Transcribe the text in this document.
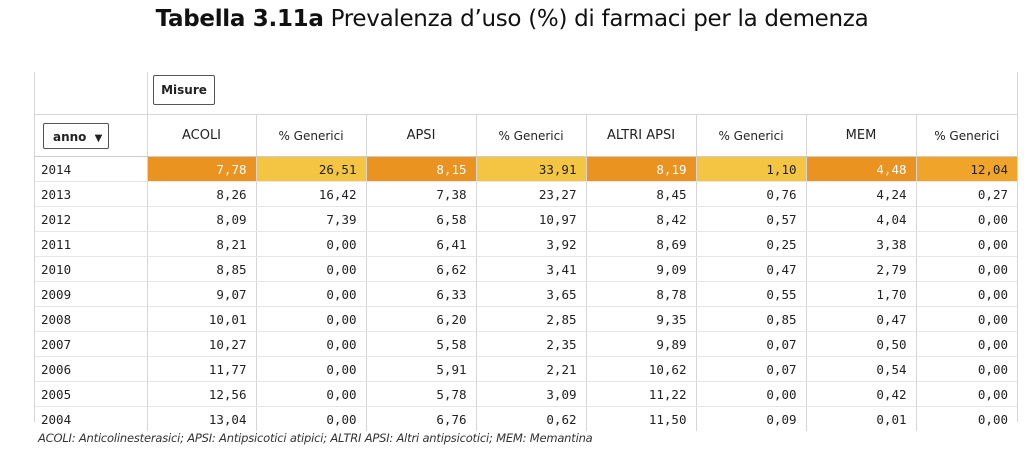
Tabella 3.11a Prevalenza d’uso (%) di farmaci per la demenza
Misure
anno ▼	ACOLI	% Generici	APSI	% Generici	ALTRI APSI	% Generici	MEM	% Generici
2014	7,78	26,51	8,15	33,91	8,19	1,10	4,48	12,04
2013	8,26	16,42	7,38	23,27	8,45	0,76	4,24	0,27
2012	8,09	7,39	6,58	10,97	8,42	0,57	4,04	0,00
2011	8,21	0,00	6,41	3,92	8,69	0,25	3,38	0,00
2010	8,85	0,00	6,62	3,41	9,09	0,47	2,79	0,00
2009	9,07	0,00	6,33	3,65	8,78	0,55	1,70	0,00
2008	10,01	0,00	6,20	2,85	9,35	0,85	0,47	0,00
2007	10,27	0,00	5,58	2,35	9,89	0,07	0,50	0,00
2006	11,77	0,00	5,91	2,21	10,62	0,07	0,54	0,00
2005	12,56	0,00	5,78	3,09	11,22	0,00	0,42	0,00
2004	13,04	0,00	6,76	0,62	11,50	0,09	0,01	0,00
ACOLI: Anticolinesterasici; APSI: Antipsicotici atipici; ALTRI APSI: Altri antipsicotici; MEM: Memantina
